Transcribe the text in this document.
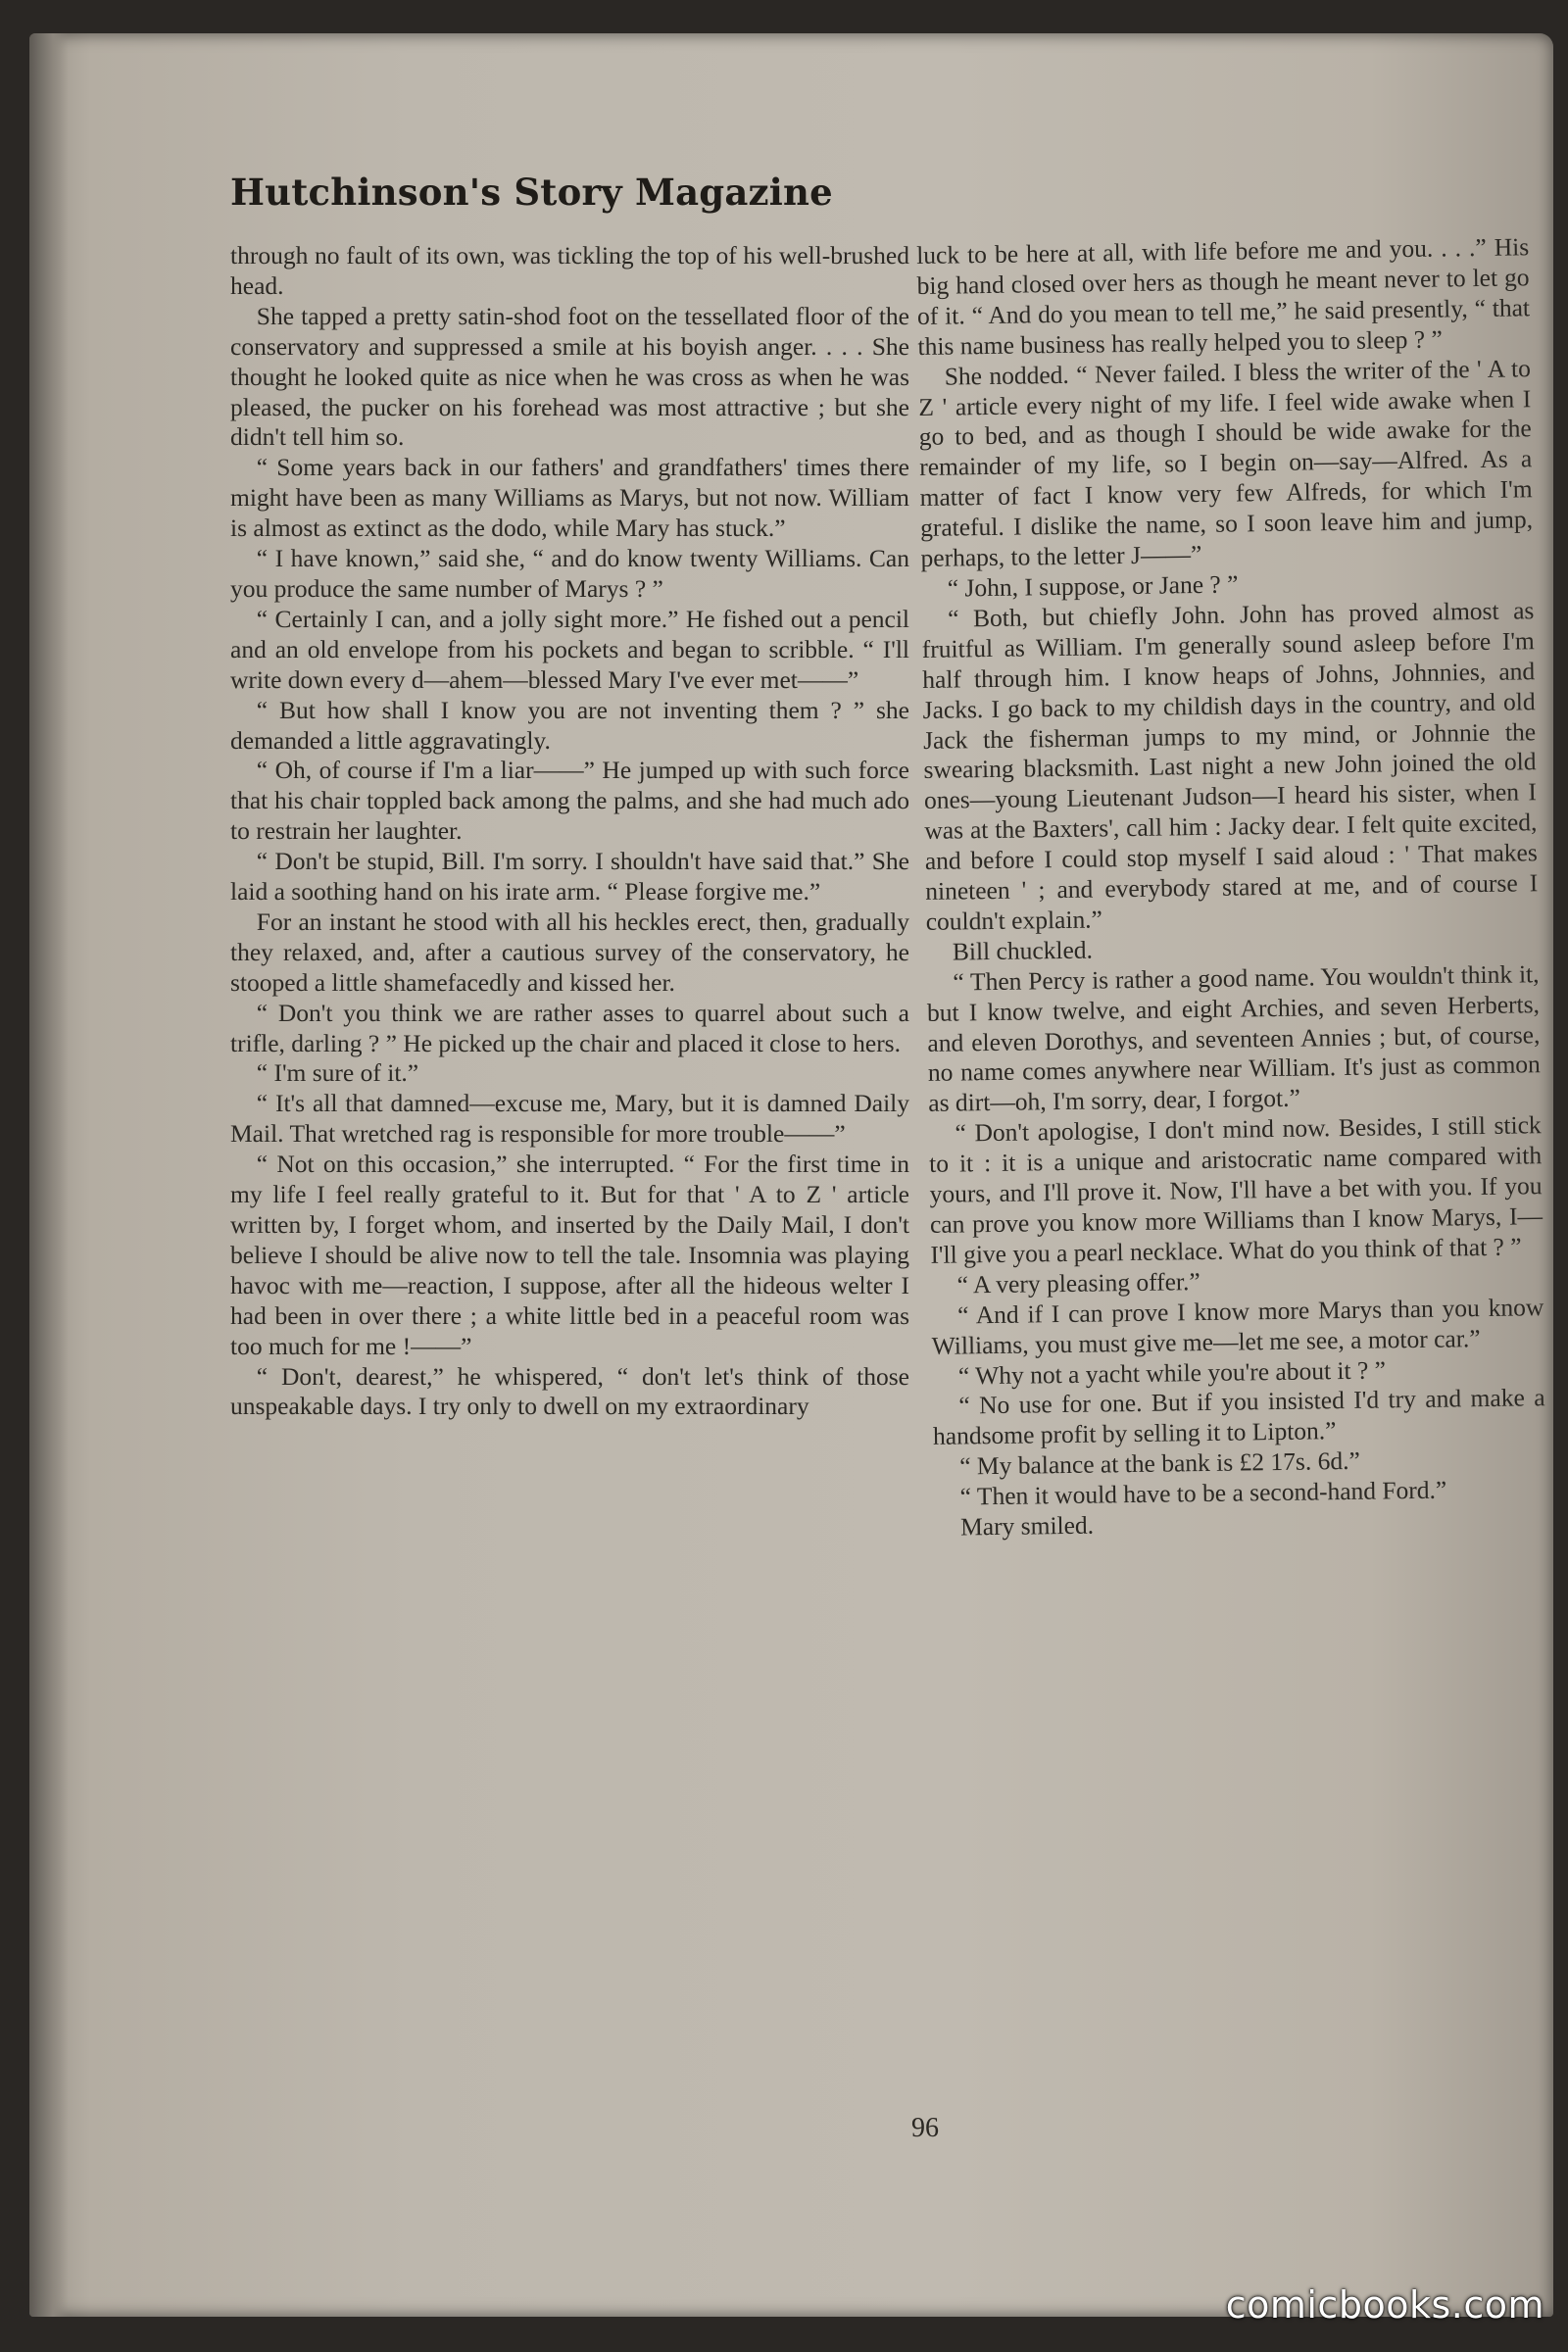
Hutchinson's Story Magazine

through no fault of its own, was tickling the top of his well-brushed head.

She tapped a pretty satin-shod foot on the tessellated floor of the conservatory and suppressed a smile at his boyish anger. . . . She thought he looked quite as nice when he was cross as when he was pleased, the pucker on his forehead was most attractive ; but she didn't tell him so.

“ Some years back in our fathers' and grandfathers' times there might have been as many Williams as Marys, but not now. William is almost as extinct as the dodo, while Mary has stuck.”

“ I have known,” said she, “ and do know twenty Williams. Can you produce the same number of Marys ? ”

“ Certainly I can, and a jolly sight more.” He fished out a pencil and an old envelope from his pockets and began to scribble. “ I'll write down every d—ahem—blessed Mary I've ever met——”

“ But how shall I know you are not inventing them ? ” she demanded a little aggravatingly.

“ Oh, of course if I'm a liar——” He jumped up with such force that his chair toppled back among the palms, and she had much ado to restrain her laughter.

“ Don't be stupid, Bill. I'm sorry. I shouldn't have said that.” She laid a soothing hand on his irate arm. “ Please forgive me.”

For an instant he stood with all his heckles erect, then, gradually they relaxed, and, after a cautious survey of the conservatory, he stooped a little shamefacedly and kissed her.

“ Don't you think we are rather asses to quarrel about such a trifle, darling ? ” He picked up the chair and placed it close to hers.

“ I'm sure of it.”

“ It's all that damned—excuse me, Mary, but it is damned Daily Mail. That wretched rag is responsible for more trouble——”

“ Not on this occasion,” she interrupted. “ For the first time in my life I feel really grateful to it. But for that ' A to Z ' article written by, I forget whom, and inserted by the Daily Mail, I don't believe I should be alive now to tell the tale. Insomnia was playing havoc with me—reaction, I suppose, after all the hideous welter I had been in over there ; a white little bed in a peaceful room was too much for me !——”

“ Don't, dearest,” he whispered, “ don't let's think of those unspeakable days. I try only to dwell on my extraordinary

luck to be here at all, with life before me and you. . . .” His big hand closed over hers as though he meant never to let go of it. “ And do you mean to tell me,” he said presently, “ that this name business has really helped you to sleep ? ”

She nodded. “ Never failed. I bless the writer of the ' A to Z ' article every night of my life. I feel wide awake when I go to bed, and as though I should be wide awake for the remainder of my life, so I begin on—say—Alfred. As a matter of fact I know very few Alfreds, for which I'm grateful. I dislike the name, so I soon leave him and jump, perhaps, to the letter J——”

“ John, I suppose, or Jane ? ”

“ Both, but chiefly John. John has proved almost as fruitful as William. I'm generally sound asleep before I'm half through him. I know heaps of Johns, Johnnies, and Jacks. I go back to my childish days in the country, and old Jack the fisherman jumps to my mind, or Johnnie the swearing blacksmith. Last night a new John joined the old ones—young Lieutenant Judson—I heard his sister, when I was at the Baxters', call him : Jacky dear. I felt quite excited, and before I could stop myself I said aloud : ' That makes nineteen ' ; and everybody stared at me, and of course I couldn't explain.”

Bill chuckled.

“ Then Percy is rather a good name. You wouldn't think it, but I know twelve, and eight Archies, and seven Herberts, and eleven Dorothys, and seventeen Annies ; but, of course, no name comes anywhere near William. It's just as common as dirt—oh, I'm sorry, dear, I forgot.”

“ Don't apologise, I don't mind now. Besides, I still stick to it : it is a unique and aristocratic name compared with yours, and I'll prove it. Now, I'll have a bet with you. If you can prove you know more Williams than I know Marys, I—I'll give you a pearl necklace. What do you think of that ? ”

“ A very pleasing offer.”

“ And if I can prove I know more Marys than you know Williams, you must give me—let me see, a motor car.”

“ Why not a yacht while you're about it ? ”

“ No use for one. But if you insisted I'd try and make a handsome profit by selling it to Lipton.”

“ My balance at the bank is £2 17s. 6d.”

“ Then it would have to be a second-hand Ford.”

Mary smiled.

96
comicbooks.com
